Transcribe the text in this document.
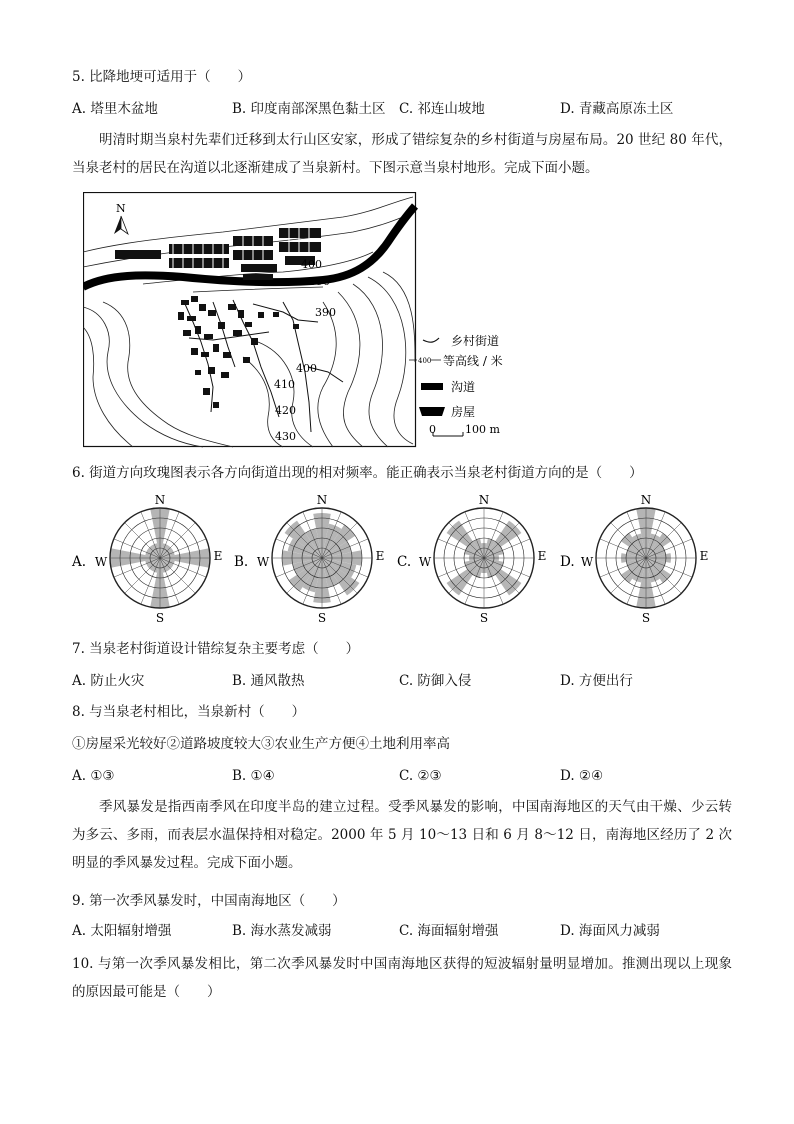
5. 比降地埂可适用于（　　）
A. 塔里木盆地	B. 印度南部深黑色黏土区 C. 祁连山坡地	D. 青藏高原冻土区
明清时期当泉村先辈们迁移到太行山区安家，形成了错综复杂的乡村街道与房屋布局。20 世纪 80 年代，当泉老村的居民在沟道以北逐渐建成了当泉新村。下图示意当泉村地形。完成下面小题。
N
400
390
390
400
410
420
430
乡村街道
400 等高线 / 米
沟道
房屋
0	100 m
6. 街道方向玫瑰图表示各方向街道出现的相对频率。能正确表示当泉老村街道方向的是（　　）
N
S
W	E
A.
N
S
W	E
B.
N
S
W	E
C.
N
S
W	E
D.
7. 当泉老村街道设计错综复杂主要考虑（　　）
A. 防止火灾	B. 通风散热	C. 防御入侵	D. 方便出行
8. 与当泉老村相比，当泉新村（　　）
①房屋采光较好②道路坡度较大③农业生产方便④土地利用率高
A. ①③	B. ①④	C. ②③	D. ②④
季风暴发是指西南季风在印度半岛的建立过程。受季风暴发的影响，中国南海地区的天气由干燥、少云转为多云、多雨，而表层水温保持相对稳定。2000 年 5 月 10～13 日和 6 月 8～12 日，南海地区经历了 2 次明显的季风暴发过程。完成下面小题。
9. 第一次季风暴发时，中国南海地区（　　）
A. 太阳辐射增强	B. 海水蒸发减弱	C. 海面辐射增强	D. 海面风力减弱
10. 与第一次季风暴发相比，第二次季风暴发时中国南海地区获得的短波辐射量明显增加。推测出现以上现象的原因最可能是（　　）
